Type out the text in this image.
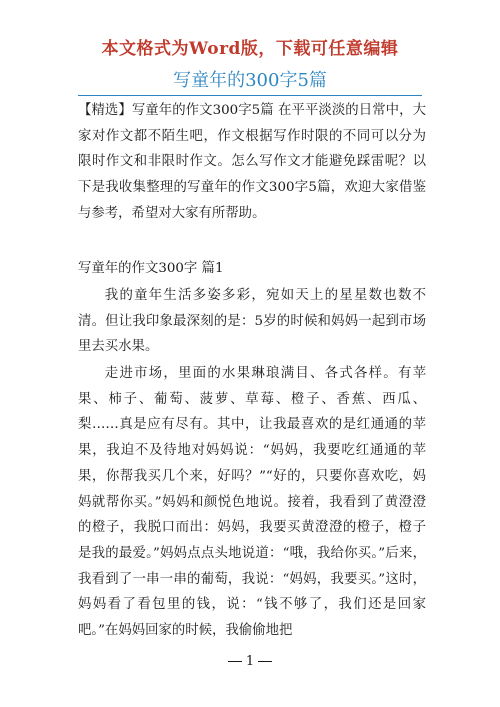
本文格式为Word版，下载可任意编辑
写童年的300字5篇
【精选】写童年的作文300字5篇 在平平淡淡的日常中，大家对作文都不陌生吧，作文根据写作时限的不同可以分为限时作文和非限时作文。怎么写作文才能避免踩雷呢？以下是我收集整理的写童年的作文300字5篇，欢迎大家借鉴与参考，希望对大家有所帮助。
写童年的作文300字 篇1
我的童年生活多姿多彩，宛如天上的星星数也数不清。但让我印象最深刻的是：5岁的时候和妈妈一起到市场里去买水果。
走进市场，里面的水果琳琅满目、各式各样。有苹果、柿子、葡萄、菠萝、草莓、橙子、香蕉、西瓜、梨……真是应有尽有。其中，让我最喜欢的是红通通的苹果，我迫不及待地对妈妈说：“妈妈，我要吃红通通的苹果，你帮我买几个来，好吗？”“好的，只要你喜欢吃，妈妈就帮你买。”妈妈和颜悦色地说。接着，我看到了黄澄澄的橙子，我脱口而出：妈妈，我要买黄澄澄的橙子，橙子是我的最爱。”妈妈点点头地说道：“哦，我给你买。”后来，我看到了一串一串的葡萄，我说：“妈妈，我要买。”这时，妈妈看了看包里的钱，说：“钱不够了，我们还是回家吧。”在妈妈回家的时候，我偷偷地把
1
